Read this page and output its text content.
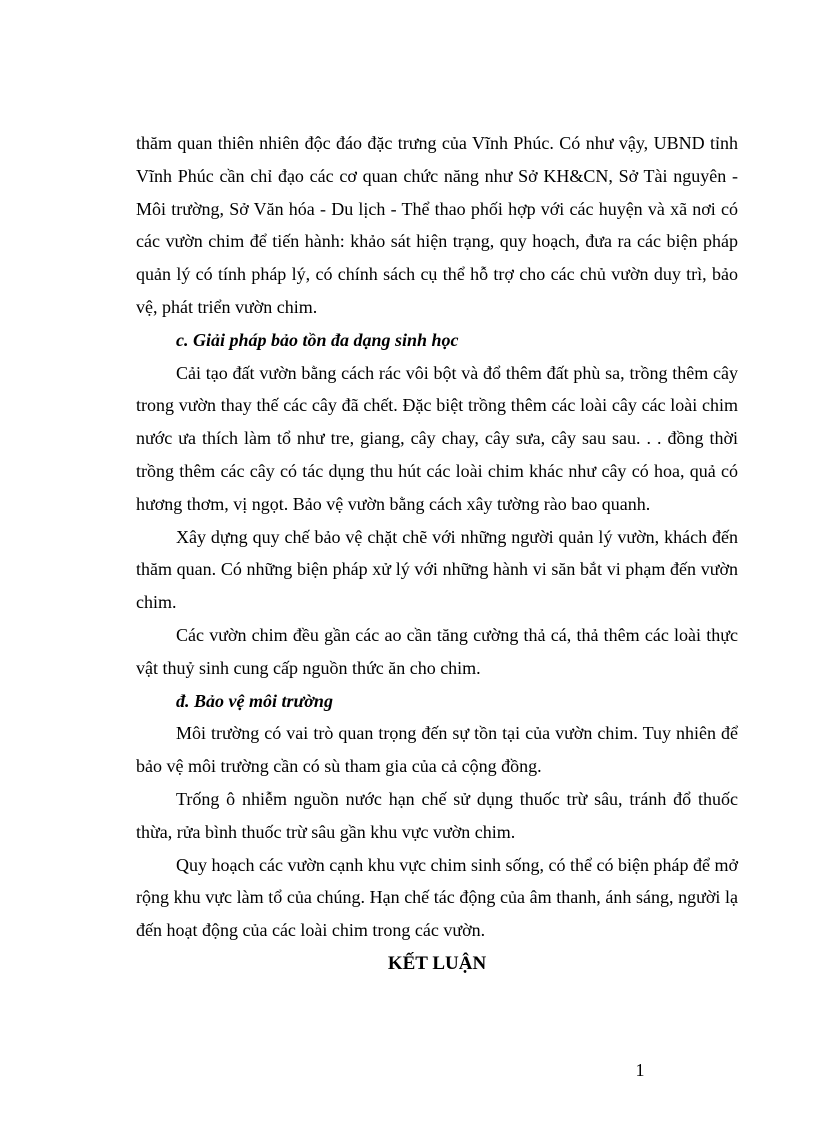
thăm quan thiên nhiên độc đáo đặc trưng của Vĩnh Phúc. Có như vậy, UBND tỉnh Vĩnh Phúc cần chỉ đạo các cơ quan chức năng như Sở KH&CN, Sở Tài nguyên - Môi trường, Sở Văn hóa - Du lịch - Thể thao phối hợp với các huyện và xã nơi có các vườn chim để tiến hành: khảo sát hiện trạng, quy hoạch, đưa ra các biện pháp quản lý có tính pháp lý, có chính sách cụ thể hỗ trợ cho các chủ vườn duy trì, bảo vệ, phát triển vườn chim.

c. Giải pháp bảo tồn đa dạng sinh học

Cải tạo đất vườn bằng cách rác vôi bột và đổ thêm đất phù sa, trồng thêm cây trong vườn thay thế các cây đã chết. Đặc biệt trồng thêm các loài cây các loài chim nước ưa thích làm tổ như tre, giang, cây chay, cây sưa, cây sau sau. . . đồng thời trồng thêm các cây có tác dụng thu hút các loài chim khác như cây có hoa, quả có hương thơm, vị ngọt. Bảo vệ vườn bằng cách xây tường rào bao quanh.

Xây dựng quy chế bảo vệ chặt chẽ với những người quản lý vườn, khách đến thăm quan. Có những biện pháp xử lý với những hành vi săn bắt vi phạm đến vườn chim.

Các vườn chim đều gần các ao cần tăng cường thả cá, thả thêm các loài thực vật thuỷ sinh cung cấp nguồn thức ăn cho chim.

đ. Bảo vệ môi trường

Môi trường có vai trò quan trọng đến sự tồn tại của vườn chim. Tuy nhiên để bảo vệ môi trường cần có sù tham gia của cả cộng đồng.

Trống ô nhiễm nguồn nước hạn chế sử dụng thuốc trừ sâu, tránh đổ thuốc thừa, rửa bình thuốc trừ sâu gần khu vực vườn chim.

Quy hoạch các vườn cạnh khu vực chim sinh sống, có thể có biện pháp để mở rộng khu vực làm tổ của chúng. Hạn chế tác động của âm thanh, ánh sáng, người lạ đến hoạt động của các loài chim trong các vườn.

KẾT LUẬN
1
